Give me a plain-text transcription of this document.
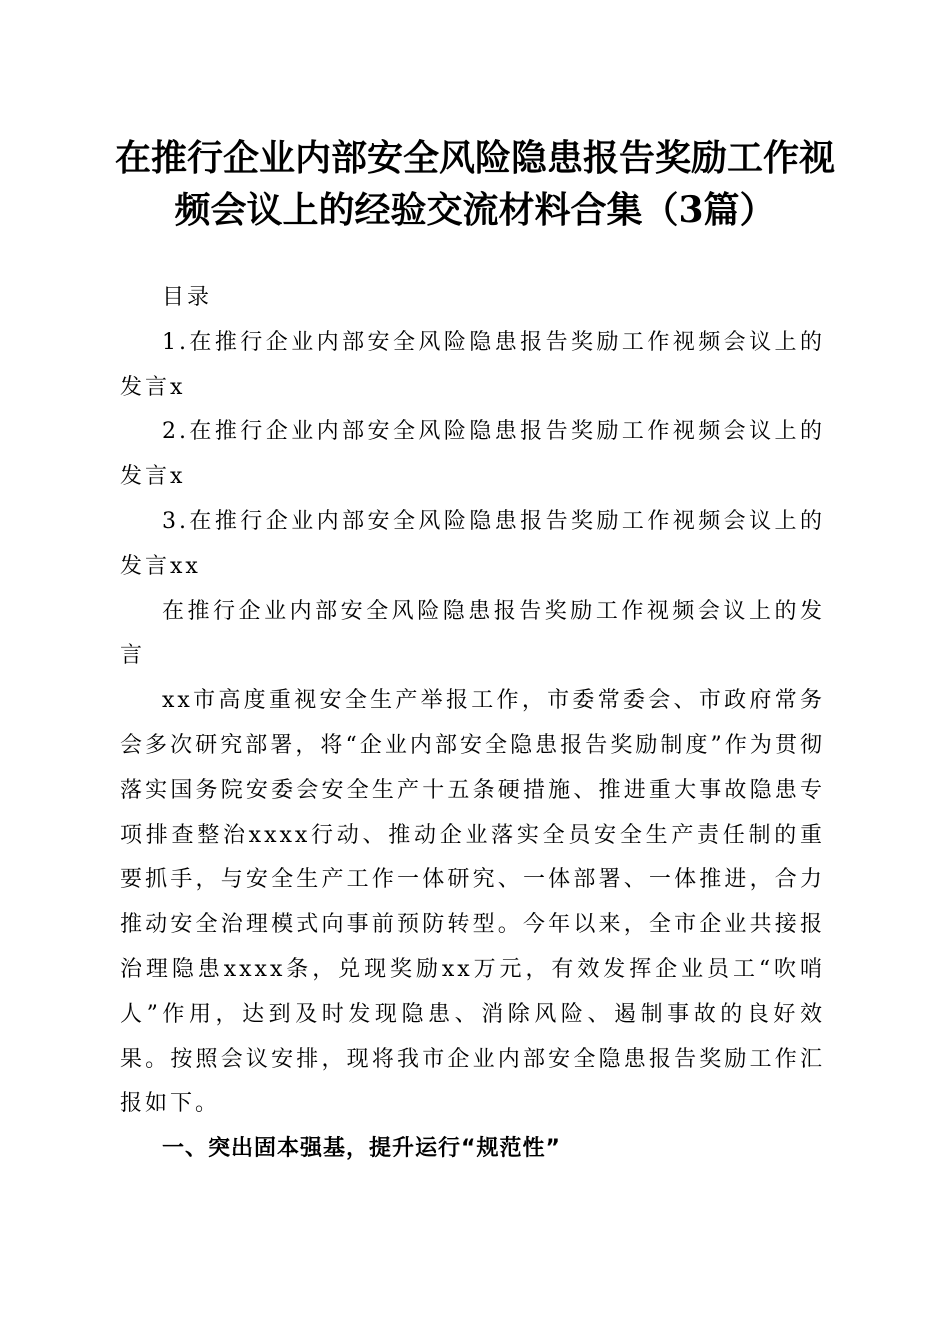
在推行企业内部安全风险隐患报告奖励工作视
频会议上的经验交流材料合集（3篇）

目录

1.在推行企业内部安全风险隐患报告奖励工作视频会议上的发言x

2.在推行企业内部安全风险隐患报告奖励工作视频会议上的发言x

3.在推行企业内部安全风险隐患报告奖励工作视频会议上的发言xx

在推行企业内部安全风险隐患报告奖励工作视频会议上的发言

xx市高度重视安全生产举报工作，市委常委会、市政府常务会多次研究部署，将“企业内部安全隐患报告奖励制度”作为贯彻落实国务院安委会安全生产十五条硬措施、推进重大事故隐患专项排查整治xxxx行动、推动企业落实全员安全生产责任制的重要抓手，与安全生产工作一体研究、一体部署、一体推进，合力推动安全治理模式向事前预防转型。今年以来，全市企业共接报治理隐患xxxx条，兑现奖励xx万元，有效发挥企业员工“吹哨人”作用，达到及时发现隐患、消除风险、遏制事故的良好效果。按照会议安排，现将我市企业内部安全隐患报告奖励工作汇报如下。

一、突出固本强基，提升运行“规范性”
